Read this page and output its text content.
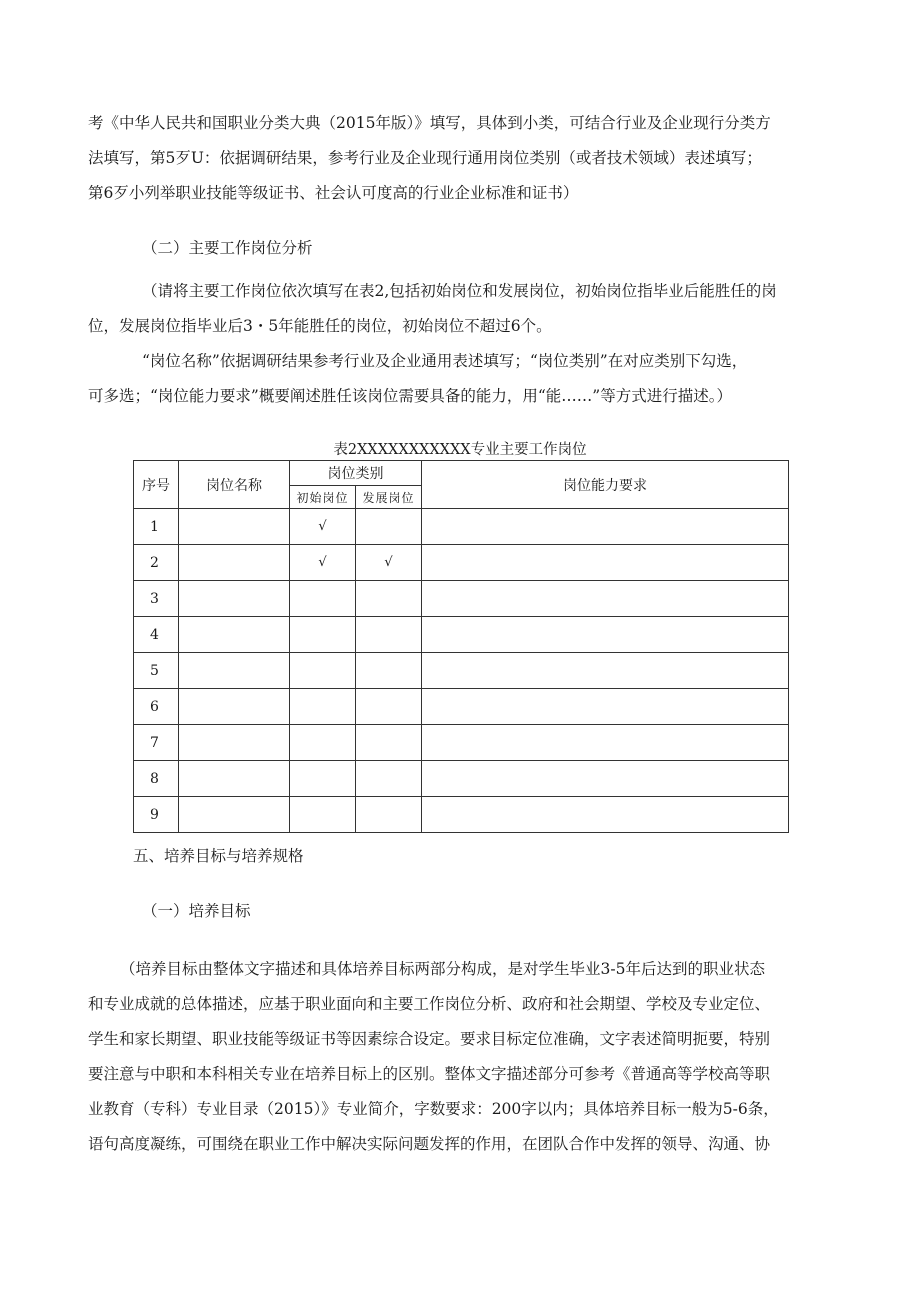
考《中华人民共和国职业分类大典（2015年版）》填写，具体到小类，可结合行业及企业现行分类方
法填写，第5歹U：依据调研结果，参考行业及企业现行通用岗位类别（或者技术领域）表述填写；
第6歹小列举职业技能等级证书、社会认可度高的行业企业标准和证书）
（二）主要工作岗位分析
（请将主要工作岗位依次填写在表2,包括初始岗位和发展岗位，初始岗位指毕业后能胜任的岗
位，发展岗位指毕业后3・5年能胜任的岗位，初始岗位不超过6个。
“岗位名称”依据调研结果参考行业及企业通用表述填写；“岗位类别”在对应类别下勾选，
可多选；“岗位能力要求”概要阐述胜任该岗位需要具备的能力，用“能……”等方式进行描述。）
表2XXXXXXXXXXX专业主要工作岗位
序号	岗位名称	岗位类别		岗位能力要求
		初始岗位	发展岗位	
1		√		
2		√	√	
3				
4				
5				
6				
7				
8				
9				
五、培养目标与培养规格
（一）培养目标
（培养目标由整体文字描述和具体培养目标两部分构成，是对学生毕业3-5年后达到的职业状态
和专业成就的总体描述，应基于职业面向和主要工作岗位分析、政府和社会期望、学校及专业定位、
学生和家长期望、职业技能等级证书等因素综合设定。要求目标定位准确，文字表述简明扼要，特别
要注意与中职和本科相关专业在培养目标上的区别。整体文字描述部分可参考《普通高等学校高等职
业教育（专科）专业目录（2015）》专业简介，字数要求：200字以内；具体培养目标一般为5-6条，
语句高度凝练，可围绕在职业工作中解决实际问题发挥的作用，在团队合作中发挥的领导、沟通、协
